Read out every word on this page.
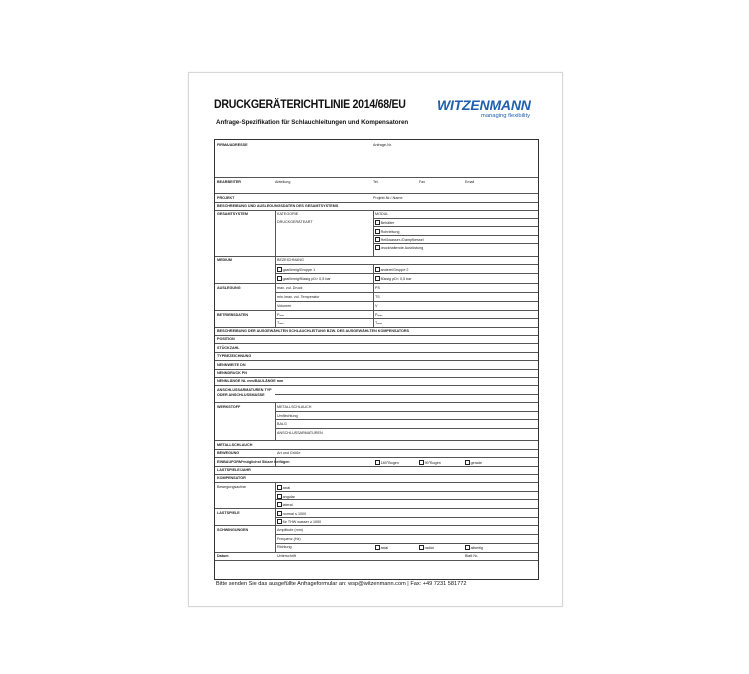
DRUCKGERÄTERICHTLINIE 2014/68/EU
Anfrage-Spezifikation für Schlauchleitungen und Kompensatoren
WITZENMANN
managing flexibility
FIRMA/ADRESSE	Anfrage-Nr.
BEARBEITER	Abteilung	Tel.	Fax	Email
PROJEKT	Projekt-Nr./-Name
BESCHREIBUNG UND AUSLEGUNGSDATEN DES GESAMTSYSTEMS
GESAMTSYSTEM	KATEGORIE	MODUL
DRUCKGERÄTEART	Behälter
Rohrleitung
Heißwasser-/Dampfkessel
druckhaltende Ausrüstung
MEDIUM	BEZEICHNUNG
gasförmig/Gruppe 1	andere/Gruppe 2
gasförmig/flüssig pD> 0,5 bar	flüssig pD< 0,5 bar
AUSLEGUNG	max. zul. Druck	PS
min./max. zul. Temperatur	TS
Volumen	V
BETRIEBSDATEN	Pₘᵢₙ	Pₘₐₓ
Tₘᵢₙ	Tₘₐₓ
BESCHREIBUNG DER AUSGEWÄHLTEN SCHLAUCHLEITUNG BZW. DES AUSGEWÄHLTEN KOMPENSATORS
POSITION
STÜCKZAHL
TYPBEZEICHNUNG
NENNWEITE DN
NENNDRUCK PN
NENNLÄNGE NL mm/BAULÄNGE mm
ANSCHLUSSARMATUREN TYP
ODER ANSCHLUSSMASSE
WERKSTOFF	METALLSCHLAUCH
Umflechtung
BALG
ANSCHLUSSARMATUREN
METALLSCHLAUCH
BEWEGUNG	Art und Größe
EINBAUFORM*möglichst Skizze beifügen	180°Bogen	90°Bogen	gerade
LASTSPIELE/JAHR
KOMPENSATOR
Bewegungsachse	axial
angular
lateral
LASTSPIELE	normal ≤ 1000
für THW wasser ≥ 1000
SCHWINGUNGEN	Amplitude (mm)
Frequenz (Hz)
Richtung	axial	radial	allseitig
Datum	Unterschrift	Blatt Nr.
Bitte senden Sie das ausgefüllte Anfrageformular an: wsp@witzenmann.com | Fax: +49 7231 581772
